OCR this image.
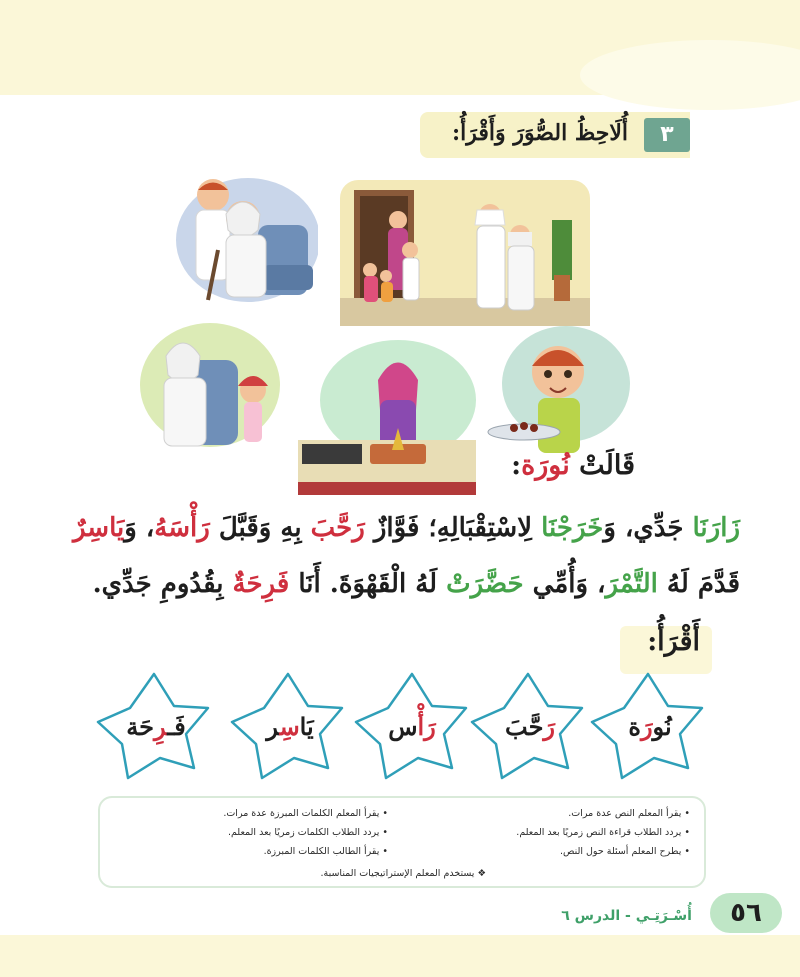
٣
أُلَاحِظُ الصُّوَرَ وَأَقْرَأُ:
قَالَتْ نُورَة:
زَارَنَا جَدِّي، وَخَرَجْنَا لِاسْتِقْبَالِهِ؛ فَوَّازٌ رَحَّبَ بِهِ وَقَبَّلَ رَأْسَهُ، وَيَاسِرٌ
قَدَّمَ لَهُ التَّمْرَ، وَأُمِّي حَضَّرَتْ لَهُ الْقَهْوَةَ. أَنَا فَرِحَةٌ بِقُدُومِ جَدِّي.
أَقْرَأُ:
نُورَة
رَحَّبَ
رَأْس
يَاسِر
فَـرِحَة
• يقرأ المعلم النص عدة مرات.
• يردد الطلاب قراءة النص زمريًا بعد المعلم.
• يطرح المعلم أسئلة حول النص.
• يقرأ المعلم الكلمات المبرزة عدة مرات.
• يردد الطلاب الكلمات زمريًا بعد المعلم.
• يقرأ الطالب الكلمات المبرزة.
❖ يستخدم المعلم الإستراتيجيات المناسبة.
٥٦
أُسْـرَتِـي - الدرس ٦
